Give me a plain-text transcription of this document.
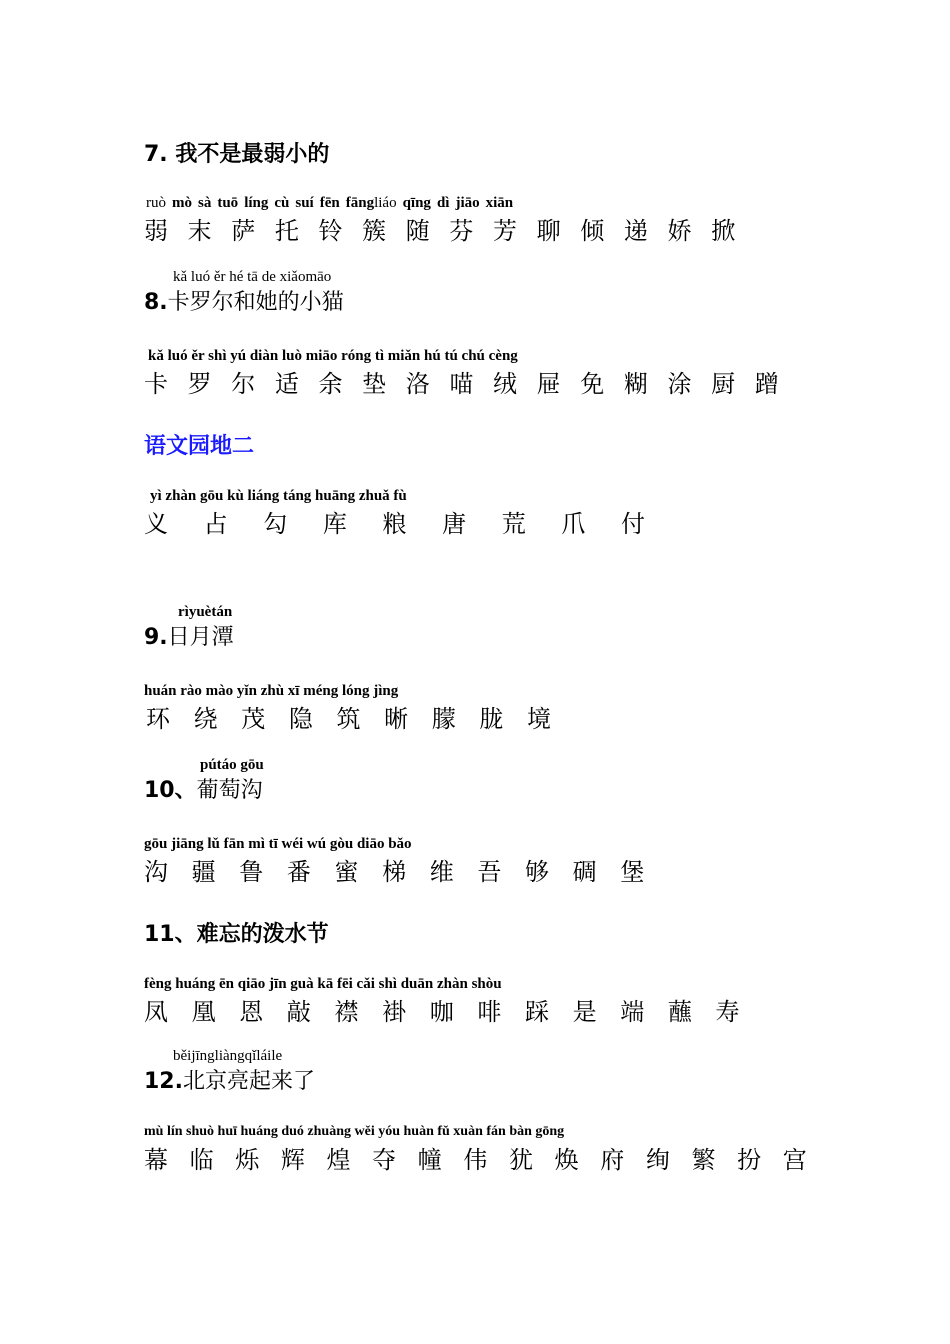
7. 我不是最弱小的
ruò mò sà tuō líng cù suí fēn fāngliáo qīng dì jiāo xiān
弱 末 萨 托 铃 簇 随 芬 芳 聊 倾 递 娇 掀
kǎ luó ěr hé tā de xiǎomāo
8.卡罗尔和她的小猫
kǎ luó ěr shì yú diàn luò miāo róng tì miǎn hú tú chú cèng
卡 罗 尔 适 余 垫 洛 喵 绒 屉 免 糊 涂 厨 蹭
语文园地二
yì zhàn gōu kù liáng táng huāng zhuǎ fù
义 占 勾 库 粮 唐 荒 爪 付
rìyuètán
9.日月潭
huán rào mào yǐn zhù xī méng lóng jìng
环 绕 茂 隐 筑 晰 朦 胧 境
pútáo gōu
10、葡萄沟
gōu jiāng lǔ fān mì tī wéi wú gòu diāo bǎo
沟 疆 鲁 番 蜜 梯 维 吾 够 碉 堡
11、难忘的泼水节
fèng huáng ēn qiāo jīn guà kā fēi cǎi shì duān zhàn shòu
凤 凰 恩 敲 襟 褂 咖 啡 踩 是 端 蘸 寿
běijīngliàngqǐláile
12.北京亮起来了
mù lín shuò huī huáng duó zhuàng wěi yóu huàn fǔ xuàn fán bàn gōng
幕 临 烁 辉 煌 夺 幢 伟 犹 焕 府 绚 繁 扮 宫
